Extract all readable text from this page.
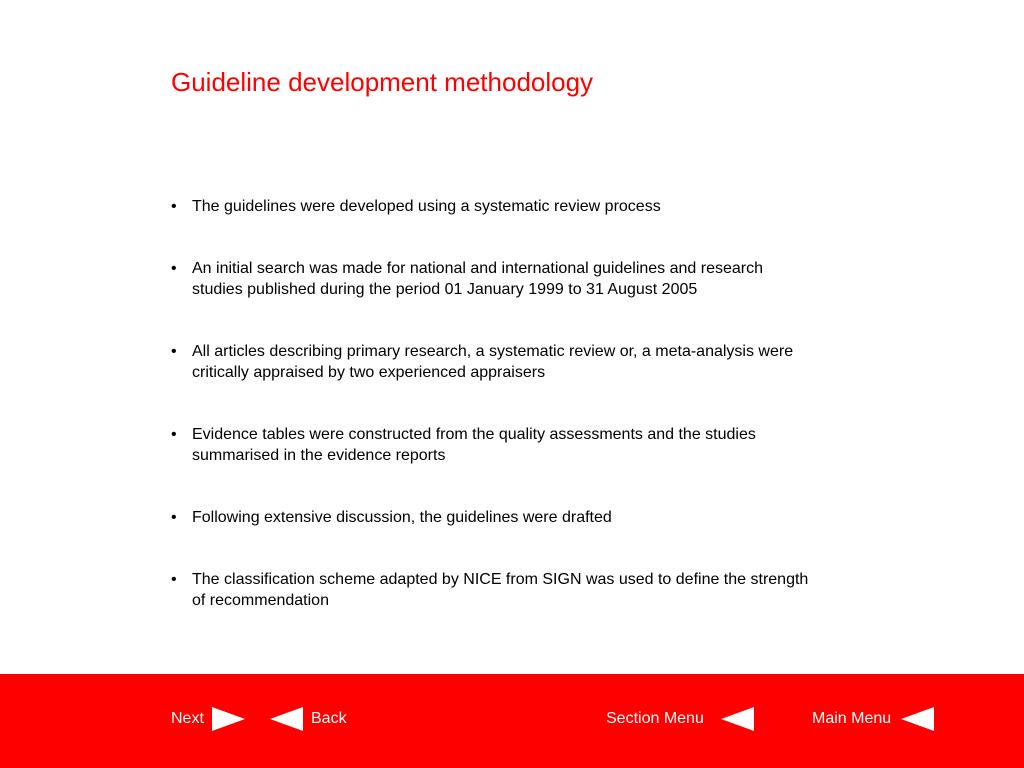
Guideline development methodology
• The guidelines were developed using a systematic review process
• An initial search was made for national and international guidelines and research studies published during the period 01 January 1999 to 31 August 2005
• All articles describing primary research, a systematic review or, a meta-analysis were critically appraised by two experienced appraisers
• Evidence tables were constructed from the quality assessments and the studies summarised in the evidence reports
• Following extensive discussion, the guidelines were drafted
• The classification scheme adapted by NICE from SIGN was used to define the strength of recommendation
Next	Back	Section Menu	Main Menu
